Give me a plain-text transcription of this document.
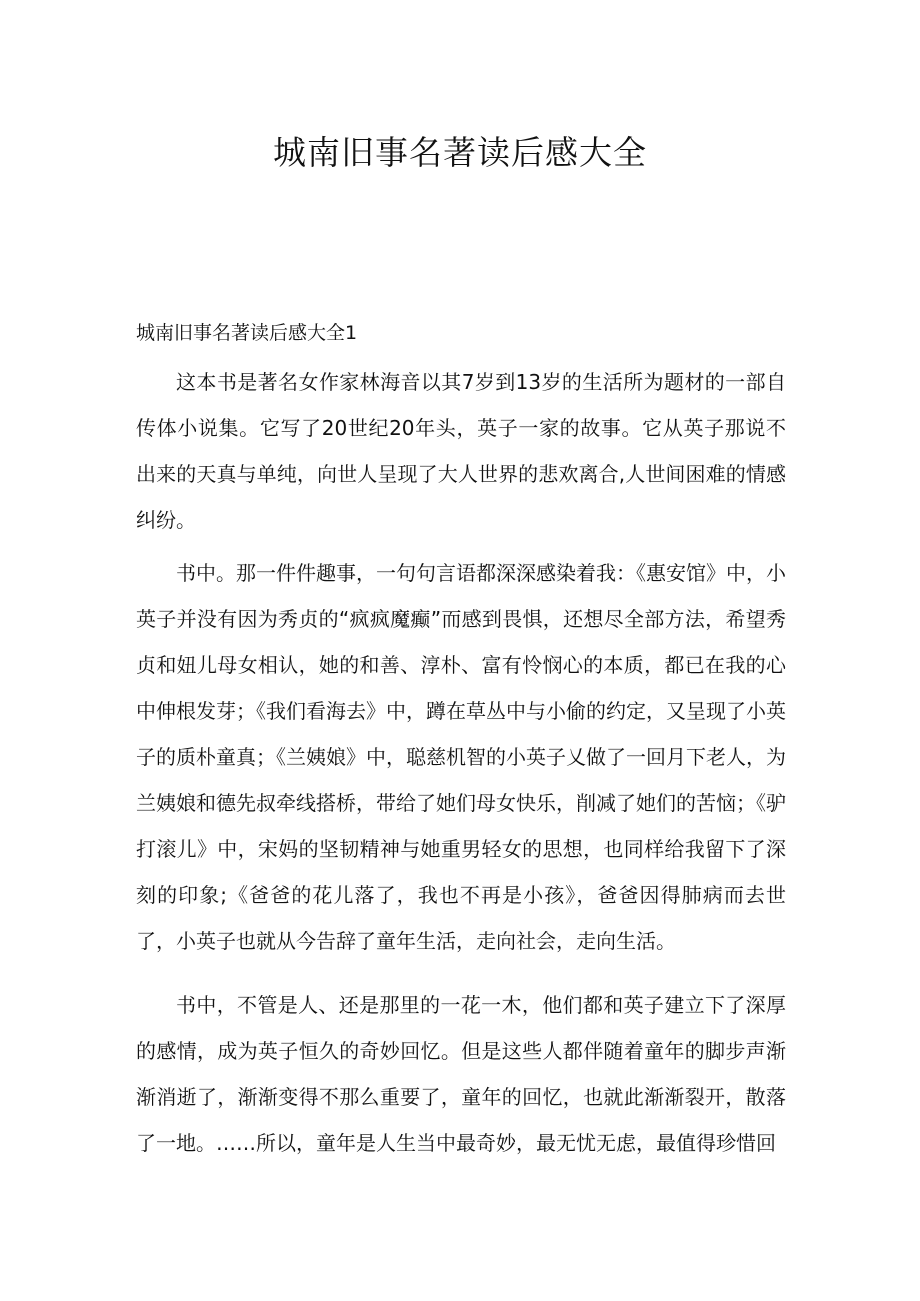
城南旧事名著读后感大全
城南旧事名著读后感大全1

这本书是著名女作家林海音以其7岁到13岁的生活所为题材的一部自传体小说集。它写了20世纪20年头，英子一家的故事。它从英子那说不出来的天真与单纯，向世人呈现了大人世界的悲欢离合,人世间困难的情感纠纷。

书中。那一件件趣事，一句句言语都深深感染着我：《惠安馆》中，小英子并没有因为秀贞的“疯疯魔癫”而感到畏惧，还想尽全部方法，希望秀贞和妞儿母女相认，她的和善、淳朴、富有怜悯心的本质，都已在我的心中伸根发芽；《我们看海去》中，蹲在草丛中与小偷的约定，又呈现了小英子的质朴童真；《兰姨娘》中，聪慈机智的小英子乂做了一回月下老人，为兰姨娘和德先叔牵线搭桥，带给了她们母女快乐，削减了她们的苦恼；《驴打滚儿》中，宋妈的坚韧精神与她重男轻女的思想，也同样给我留下了深刻的印象;《爸爸的花儿落了，我也不再是小孩》，爸爸因得肺病而去世了，小英子也就从今告辞了童年生活，走向社会，走向生活。

书中，不管是人、还是那里的一花一木，他们都和英子建立下了深厚的感情，成为英子恒久的奇妙回忆。但是这些人都伴随着童年的脚步声渐渐消逝了，渐渐变得不那么重要了，童年的回忆，也就此渐渐裂开，散落了一地。……所以，童年是人生当中最奇妙，最无忧无虑，最值得珍惜回
